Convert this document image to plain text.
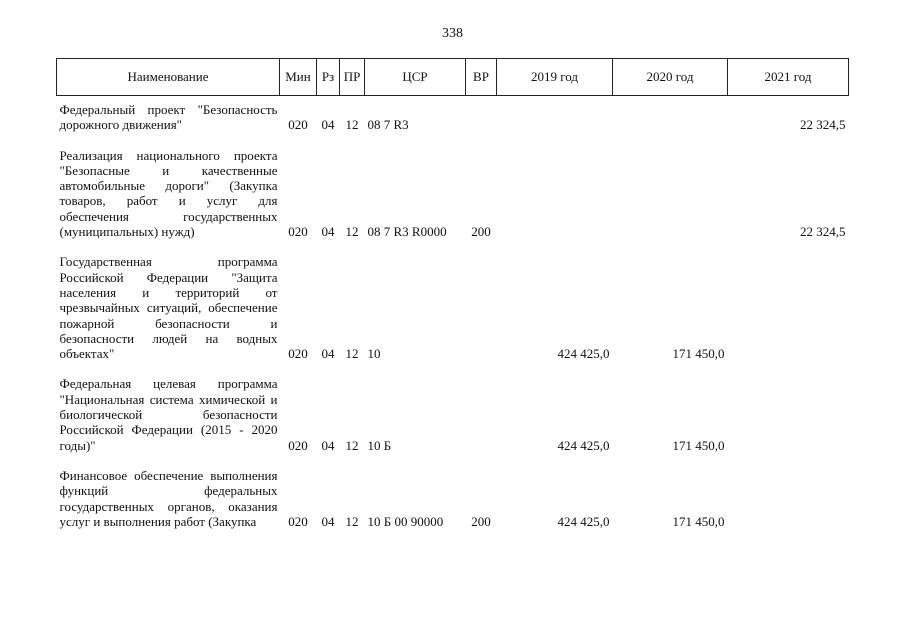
338
Наименование	Мин	Рз	ПР	ЦСР	ВР	2019 год	2020 год	2021 год
Федеральный проект "Безопасность дорожного движения"	020	04	12	08 7 R3				22 324,5
Реализация национального проекта "Безопасные и качественные автомобильные дороги" (Закупка товаров, работ и услуг для обеспечения государственных (муниципальных) нужд)	020	04	12	08 7 R3 R0000	200			22 324,5
Государственная программа Российской Федерации "Защита населения и территорий от чрезвычайных ситуаций, обеспечение пожарной безопасности и безопасности людей на водных объектах"	020	04	12	10		424 425,0	171 450,0	
Федеральная целевая программа "Национальная система химической и биологической безопасности Российской Федерации (2015 - 2020 годы)"	020	04	12	10 Б		424 425,0	171 450,0	
Финансовое обеспечение выполнения функций федеральных государственных органов, оказания услуг и выполнения работ (Закупка	020	04	12	10 Б 00 90000	200	424 425,0	171 450,0	
